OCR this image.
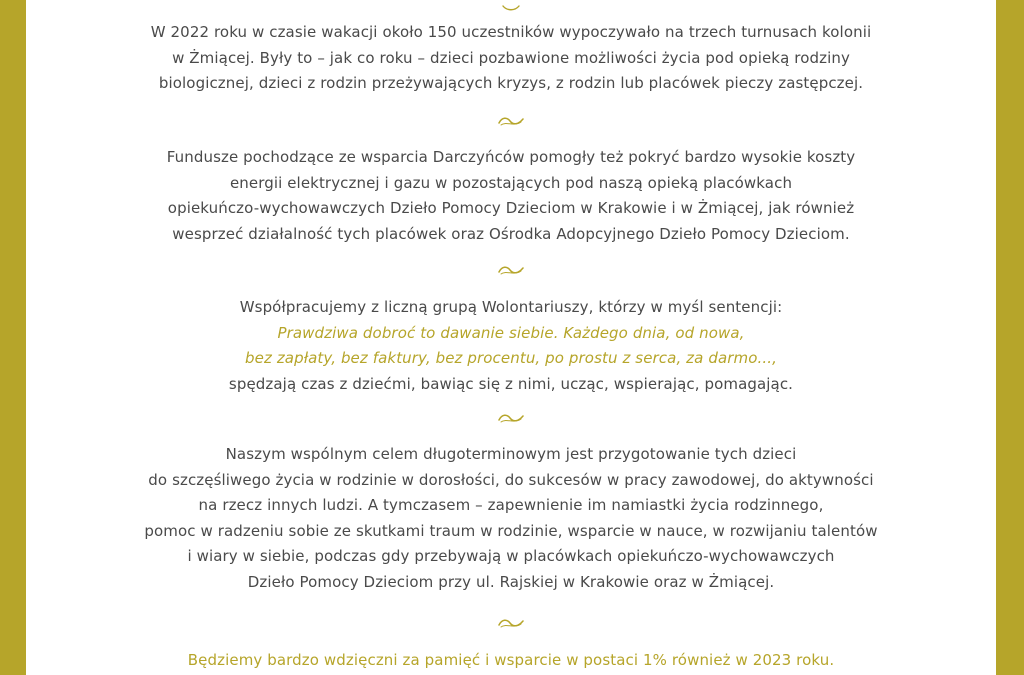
W 2022 roku w czasie wakacji około 150 uczestników wypoczywało na trzech turnusach kolonii
w Żmiącej. Były to – jak co roku – dzieci pozbawione możliwości życia pod opieką rodziny
biologicznej, dzieci z rodzin przeżywających kryzys, z rodzin lub placówek pieczy zastępczej.
Fundusze pochodzące ze wsparcia Darczyńców pomogły też pokryć bardzo wysokie koszty
energii elektrycznej i gazu w pozostających pod naszą opieką placówkach
opiekuńczo-wychowawczych Dzieło Pomocy Dzieciom w Krakowie i w Żmiącej, jak również
wesprzeć działalność tych placówek oraz Ośrodka Adopcyjnego Dzieło Pomocy Dzieciom.
Współpracujemy z liczną grupą Wolontariuszy, którzy w myśl sentencji:
Prawdziwa dobroć to dawanie siebie. Każdego dnia, od nowa,
bez zapłaty, bez faktury, bez procentu, po prostu z serca, za darmo...,
spędzają czas z dziećmi, bawiąc się z nimi, ucząc, wspierając, pomagając.
Naszym wspólnym celem długoterminowym jest przygotowanie tych dzieci
do szczęśliwego życia w rodzinie w dorosłości, do sukcesów w pracy zawodowej, do aktywności
na rzecz innych ludzi. A tymczasem – zapewnienie im namiastki życia rodzinnego,
pomoc w radzeniu sobie ze skutkami traum w rodzinie, wsparcie w nauce, w rozwijaniu talentów
i wiary w siebie, podczas gdy przebywają w placówkach opiekuńczo-wychowawczych
Dzieło Pomocy Dzieciom przy ul. Rajskiej w Krakowie oraz w Żmiącej.
Będziemy bardzo wdzięczni za pamięć i wsparcie w postaci 1% również w 2023 roku.
